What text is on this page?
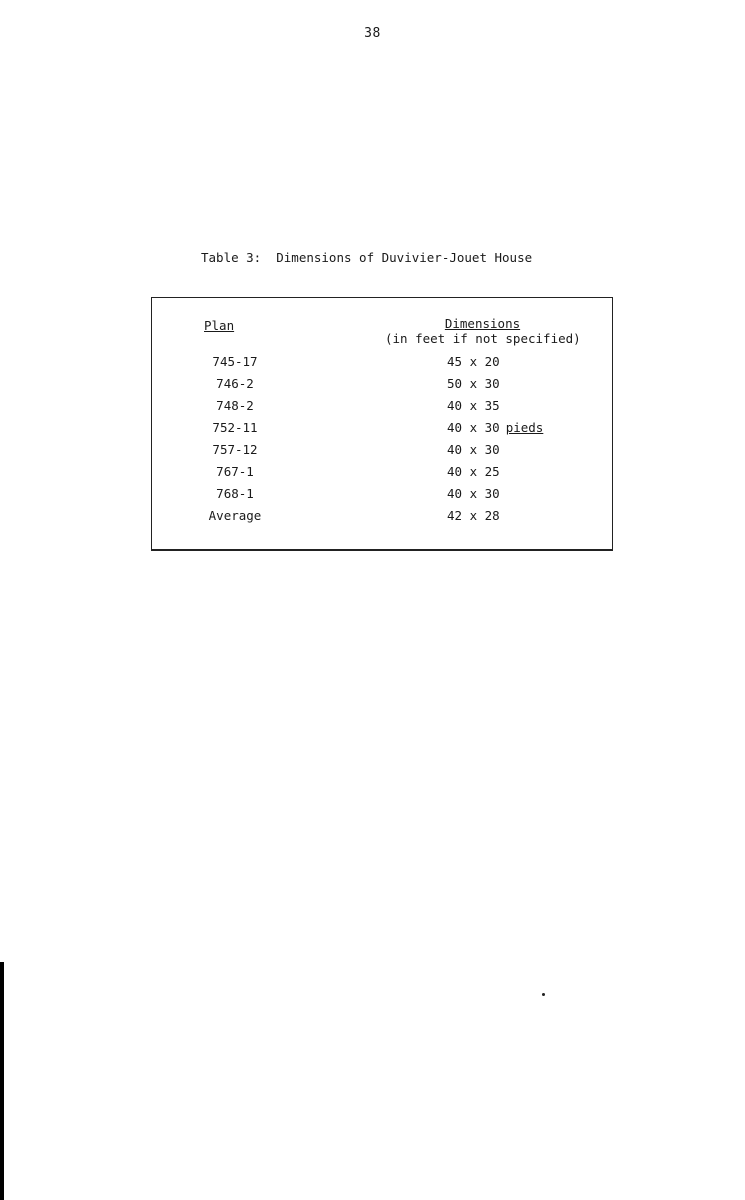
38
Table 3:  Dimensions of Duvivier-Jouet House
Plan	Dimensions
(in feet if not specified)
745-17	45 x 20
746-2	50 x 30
748-2	40 x 35
752-11	40 x 30 pieds
757-12	40 x 30
767-1	40 x 25
768-1	40 x 30
Average	42 x 28
